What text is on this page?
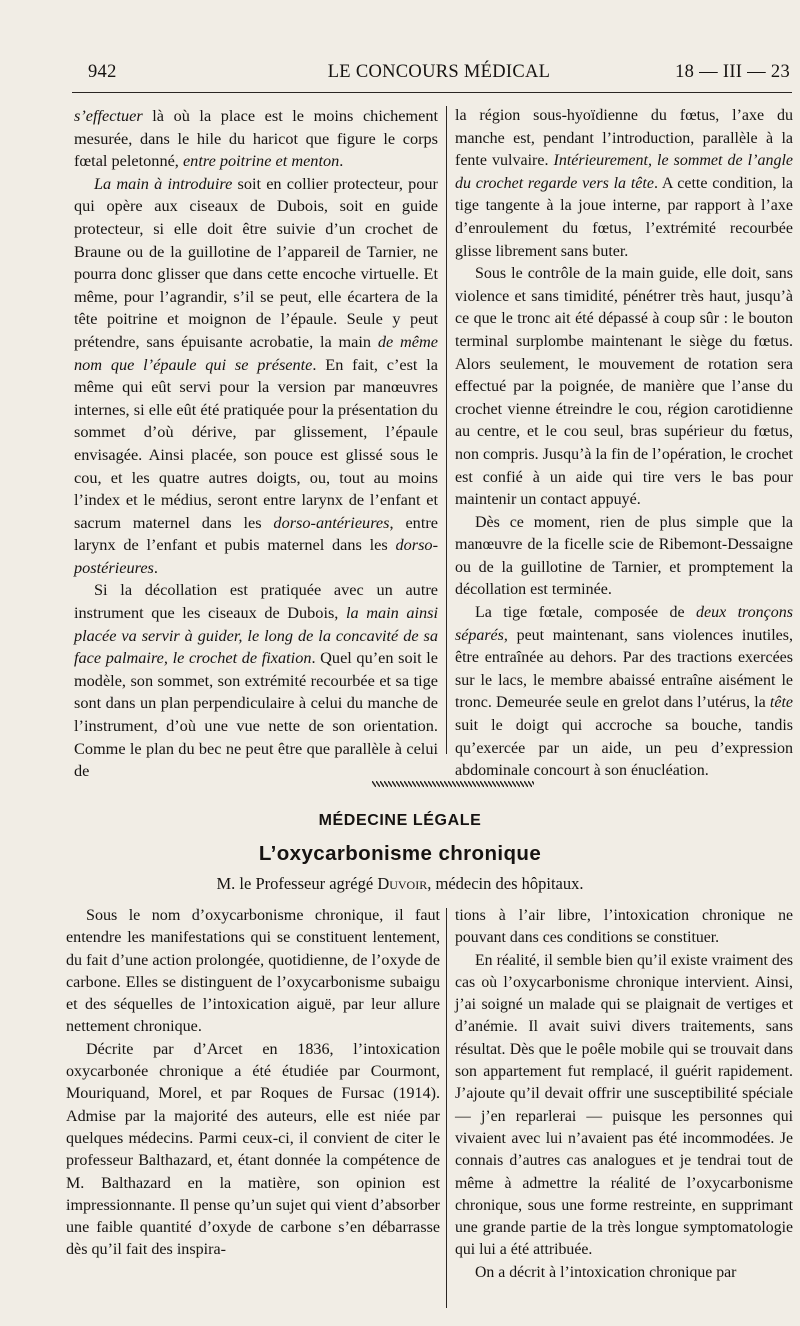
942	LE CONCOURS MÉDICAL	18 — III — 23

s’effectuer là où la place est le moins chichement mesurée, dans le hile du haricot que figure le corps fœtal peletonné, entre poitrine et menton.

La main à introduire soit en collier protecteur, pour qui opère aux ciseaux de Dubois, soit en guide protecteur, si elle doit être suivie d’un crochet de Braune ou de la guillotine de l’appareil de Tarnier, ne pourra donc glisser que dans cette encoche virtuelle. Et même, pour l’agrandir, s’il se peut, elle écartera de la tête poitrine et moignon de l’épaule. Seule y peut prétendre, sans épuisante acrobatie, la main de même nom que l’épaule qui se présente. En fait, c’est la même qui eût servi pour la version par manœuvres internes, si elle eût été pratiquée pour la présentation du sommet d’où dérive, par glissement, l’épaule envisagée. Ainsi placée, son pouce est glissé sous le cou, et les quatre autres doigts, ou, tout au moins l’index et le médius, seront entre larynx de l’enfant et sacrum maternel dans les dorso-antérieures, entre larynx de l’enfant et pubis maternel dans les dorso-postérieures.

Si la décollation est pratiquée avec un autre instrument que les ciseaux de Dubois, la main ainsi placée va servir à guider, le long de la concavité de sa face palmaire, le crochet de fixation. Quel qu’en soit le modèle, son sommet, son extrémité recourbée et sa tige sont dans un plan perpendiculaire à celui du manche de l’instrument, d’où une vue nette de son orientation. Comme le plan du bec ne peut être que parallèle à celui de

la région sous-hyoïdienne du fœtus, l’axe du manche est, pendant l’introduction, parallèle à la fente vulvaire. Intérieurement, le sommet de l’angle du crochet regarde vers la tête. A cette condition, la tige tangente à la joue interne, par rapport à l’axe d’enroulement du fœtus, l’extrémité recourbée glisse librement sans buter.

Sous le contrôle de la main guide, elle doit, sans violence et sans timidité, pénétrer très haut, jusqu’à ce que le tronc ait été dépassé à coup sûr : le bouton terminal surplombe maintenant le siège du fœtus. Alors seulement, le mouvement de rotation sera effectué par la poignée, de manière que l’anse du crochet vienne étreindre le cou, région carotidienne au centre, et le cou seul, bras supérieur du fœtus, non compris. Jusqu’à la fin de l’opération, le crochet est confié à un aide qui tire vers le bas pour maintenir un contact appuyé.

Dès ce moment, rien de plus simple que la manœuvre de la ficelle scie de Ribemont-Dessaigne ou de la guillotine de Tarnier, et promptement la décollation est terminée.

La tige fœtale, composée de deux tronçons séparés, peut maintenant, sans violences inutiles, être entraînée au dehors. Par des tractions exercées sur le lacs, le membre abaissé entraîne aisément le tronc. Demeurée seule en grelot dans l’utérus, la tête suit le doigt qui accroche sa bouche, tandis qu’exercée par un aide, un peu d’expression abdominale concourt à son énucléation.

MÉDECINE LÉGALE
L’oxycarbonisme chronique
M. le Professeur agrégé Duvoir, médecin des hôpitaux.

Sous le nom d’oxycarbonisme chronique, il faut entendre les manifestations qui se constituent lentement, du fait d’une action prolongée, quotidienne, de l’oxyde de carbone. Elles se distinguent de l’oxycarbonisme subaigu et des séquelles de l’intoxication aiguë, par leur allure nettement chronique.

Décrite par d’Arcet en 1836, l’intoxication oxycarbonée chronique a été étudiée par Courmont, Mouriquand, Morel, et par Roques de Fursac (1914). Admise par la majorité des auteurs, elle est niée par quelques médecins. Parmi ceux-ci, il convient de citer le professeur Balthazard, et, étant donnée la compétence de M. Balthazard en la matière, son opinion est impressionnante. Il pense qu’un sujet qui vient d’absorber une faible quantité d’oxyde de carbone s’en débarrasse dès qu’il fait des inspira-

tions à l’air libre, l’intoxication chronique ne pouvant dans ces conditions se constituer.

En réalité, il semble bien qu’il existe vraiment des cas où l’oxycarbonisme chronique intervient. Ainsi, j’ai soigné un malade qui se plaignait de vertiges et d’anémie. Il avait suivi divers traitements, sans résultat. Dès que le poêle mobile qui se trouvait dans son appartement fut remplacé, il guérit rapidement. J’ajoute qu’il devait offrir une susceptibilité spéciale — j’en reparlerai — puisque les personnes qui vivaient avec lui n’avaient pas été incommodées. Je connais d’autres cas analogues et je tendrai tout de même à admettre la réalité de l’oxycarbonisme chronique, sous une forme restreinte, en supprimant une grande partie de la très longue symptomatologie qui lui a été attribuée.

On a décrit à l’intoxication chronique par
